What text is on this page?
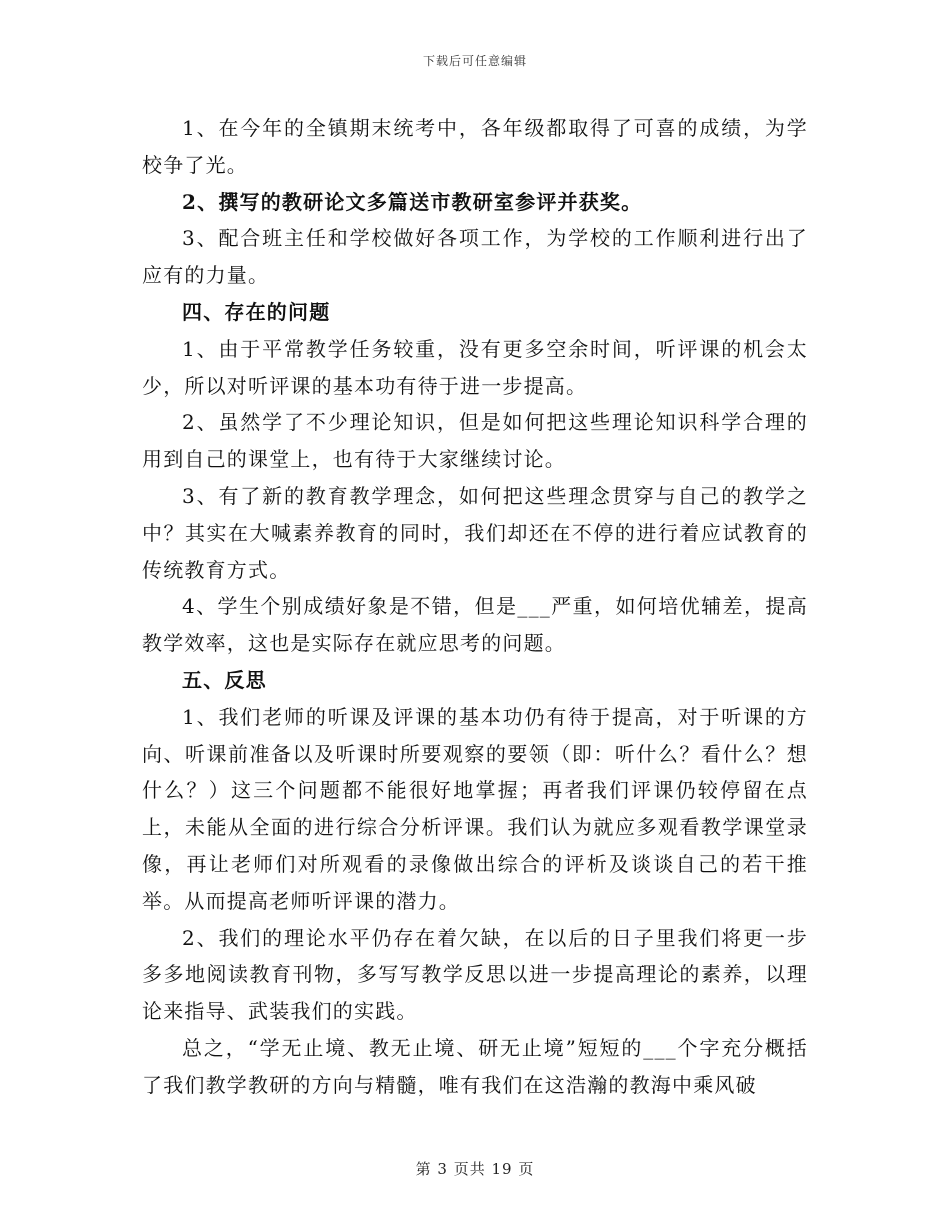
下载后可任意编辑

1、在今年的全镇期末统考中，各年级都取得了可喜的成绩，为学校争了光。

2、撰写的教研论文多篇送市教研室参评并获奖。

3、配合班主任和学校做好各项工作，为学校的工作顺利进行出了应有的力量。

四、存在的问题

1、由于平常教学任务较重，没有更多空余时间，听评课的机会太少，所以对听评课的基本功有待于进一步提高。

2、虽然学了不少理论知识，但是如何把这些理论知识科学合理的用到自己的课堂上，也有待于大家继续讨论。

3、有了新的教育教学理念，如何把这些理念贯穿与自己的教学之中？其实在大喊素养教育的同时，我们却还在不停的进行着应试教育的传统教育方式。

4、学生个别成绩好象是不错，但是___严重，如何培优辅差，提高教学效率，这也是实际存在就应思考的问题。

五、反思

1、我们老师的听课及评课的基本功仍有待于提高，对于听课的方向、听课前准备以及听课时所要观察的要领（即：听什么？看什么？想什么？）这三个问题都不能很好地掌握；再者我们评课仍较停留在点上，未能从全面的进行综合分析评课。我们认为就应多观看教学课堂录像，再让老师们对所观看的录像做出综合的评析及谈谈自己的若干推举。从而提高老师听评课的潜力。

2、我们的理论水平仍存在着欠缺，在以后的日子里我们将更一步多多地阅读教育刊物，多写写教学反思以进一步提高理论的素养，以理论来指导、武装我们的实践。

总之，“学无止境、教无止境、研无止境”短短的___个字充分概括了我们教学教研的方向与精髓，唯有我们在这浩瀚的教海中乘风破

第 3 页共 19 页
